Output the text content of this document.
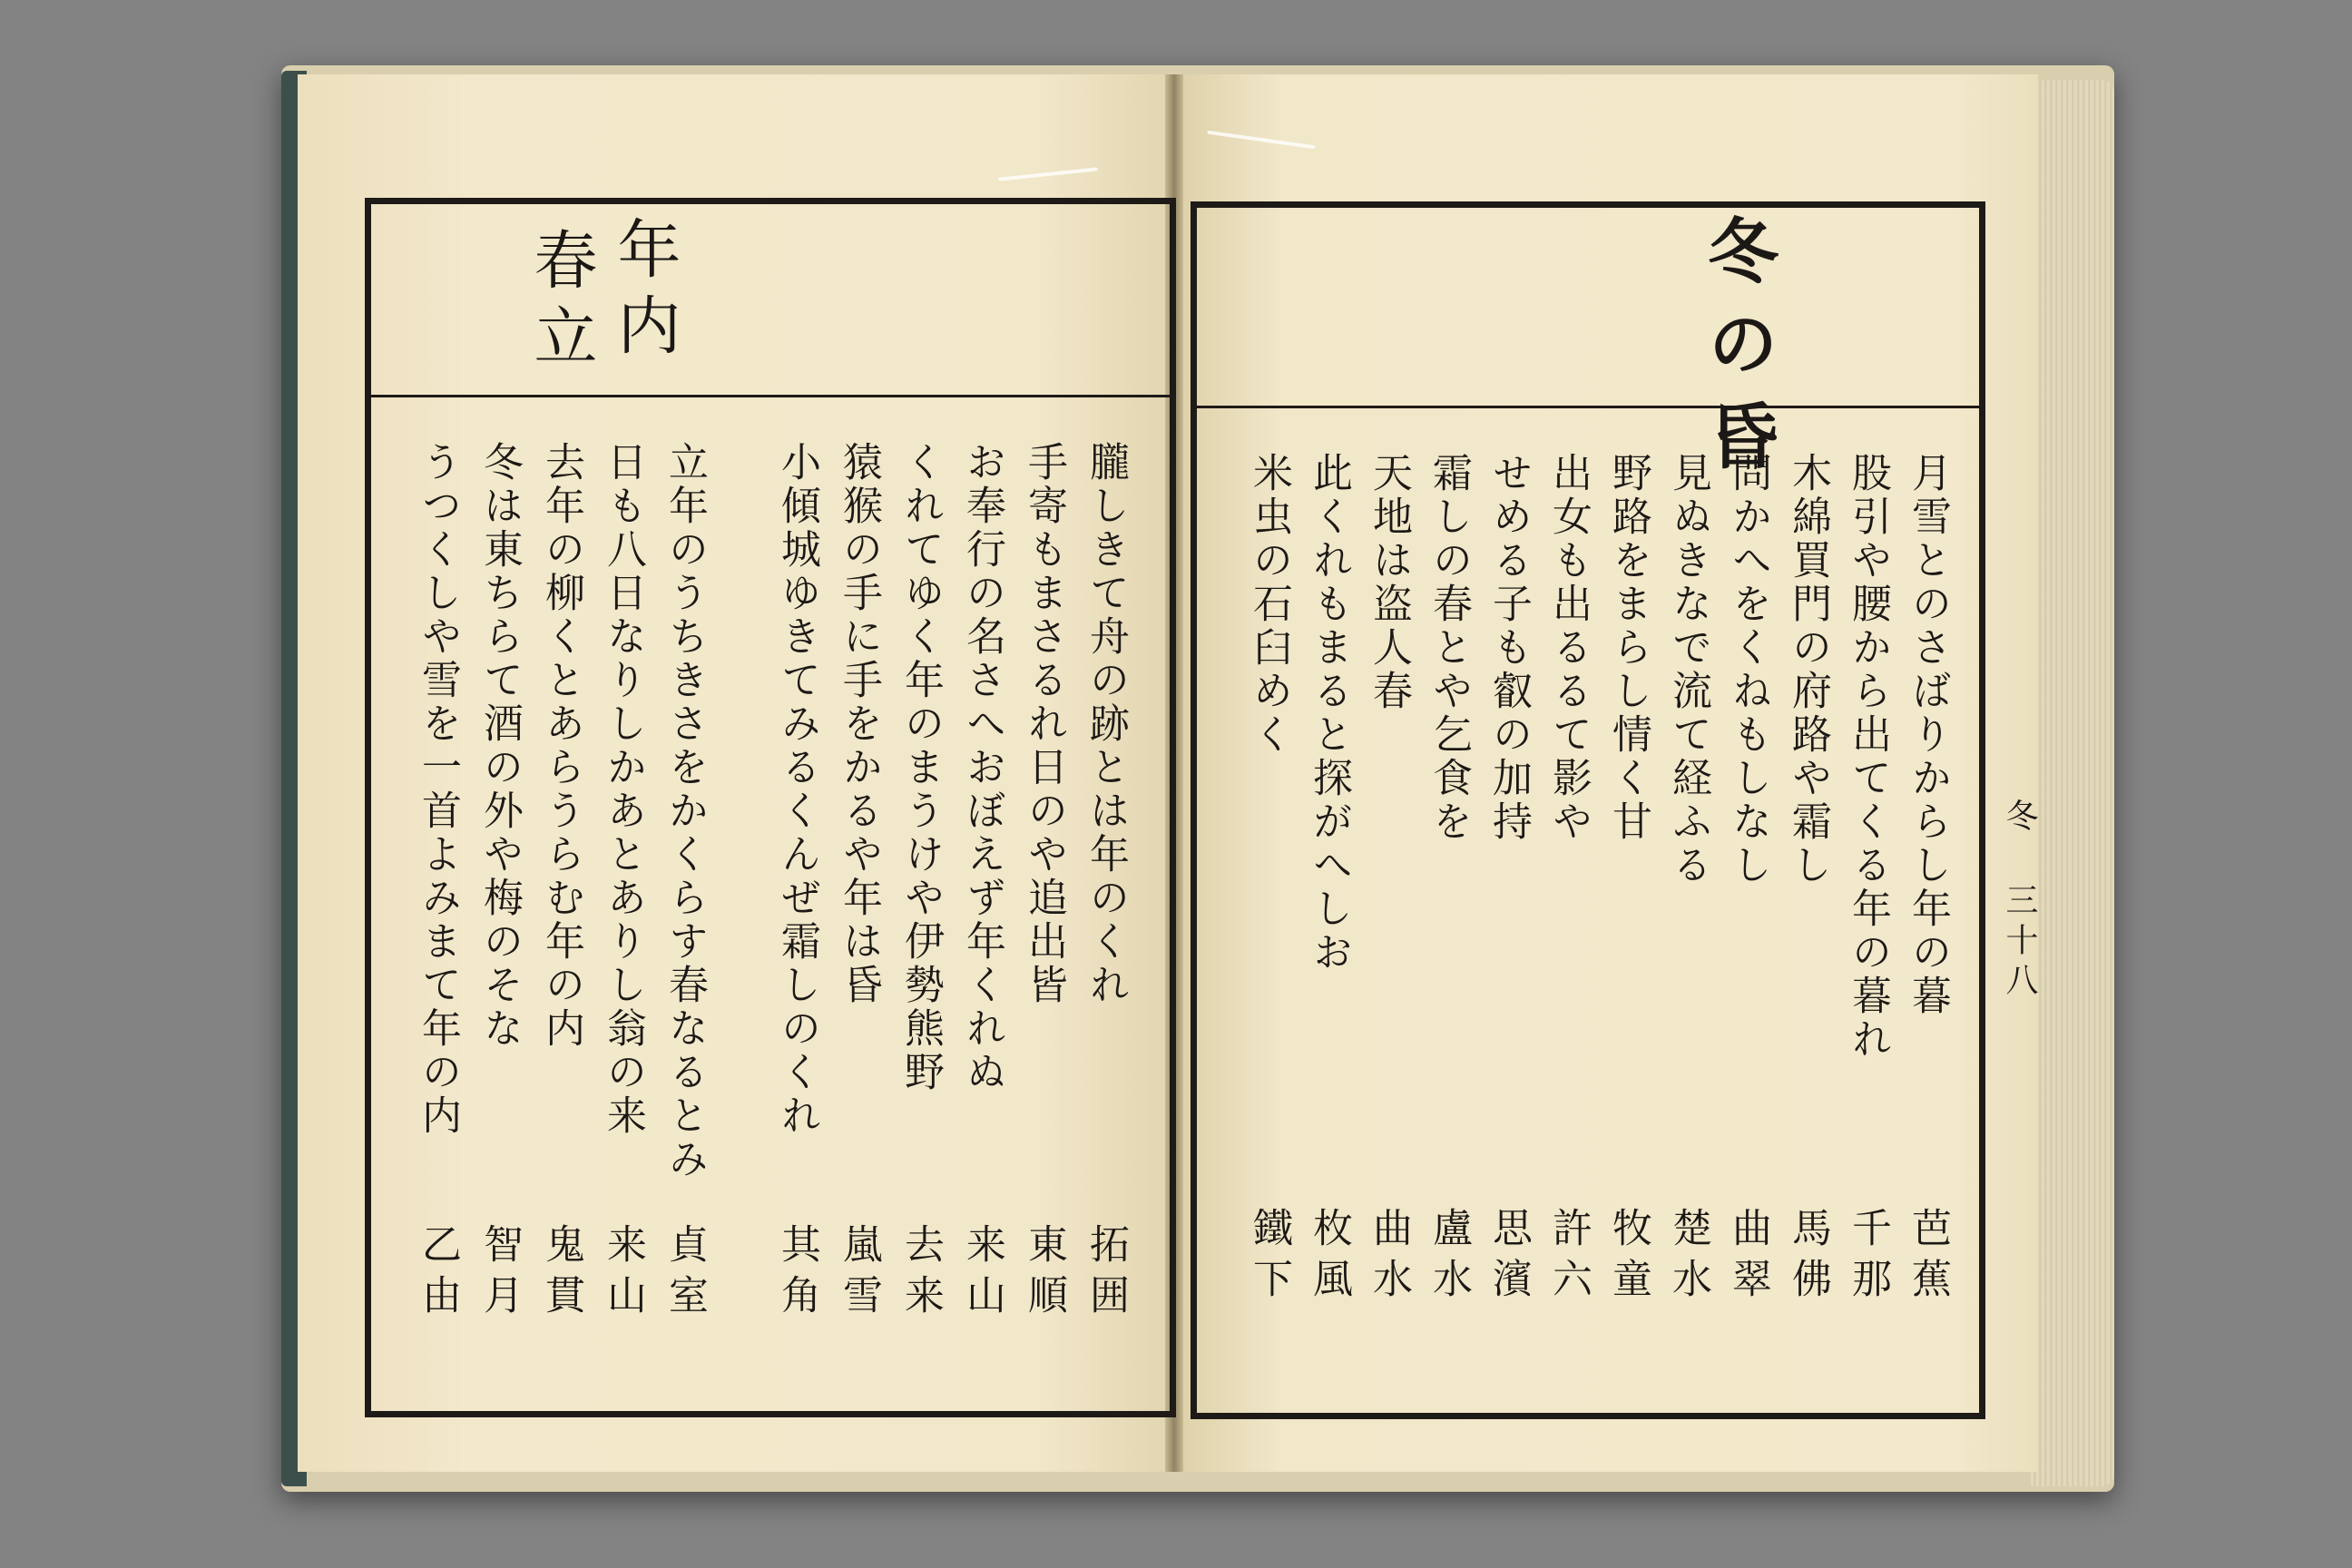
年内
春立
朧しきて舟の跡とは年のくれ
手寄もまさるれ日のや追出皆
お奉行の名さへおぼえず年くれぬ
くれてゆく年のまうけや伊勢熊野
猿猴の手に手をかるや年は昏
小傾城ゆきてみるくんぜ霜しのくれ
立年のうちきさをかくらす春なるとみ
日も八日なりしかあとありし翁の来
去年の柳くとあらうらむ年の内
冬は東ちらて酒の外や梅のそな
うつくしや雪を一首よみまて年の内
拓囲
東順
来山
去来
嵐雪
其角
貞室
来山
鬼貫
智月
乙由
冬の昏
冬 三十八
月雪とのさばりからし年の暮
股引や腰から出てくる年の暮れ
木綿買門の府路や霜し
問かへをくねもしなし
見ぬきなで流て経ふる
野路をまらし情く甘
出女も出るるて影や
せめる子も叡の加持
霜しの春とや乞食を
天地は盗人春
此くれもまると探がへしお
米虫の石臼めく
芭蕉
千那
馬佛
曲翠
楚水
牧童
許六
思濱
盧水
曲水
枚風
鐵下
